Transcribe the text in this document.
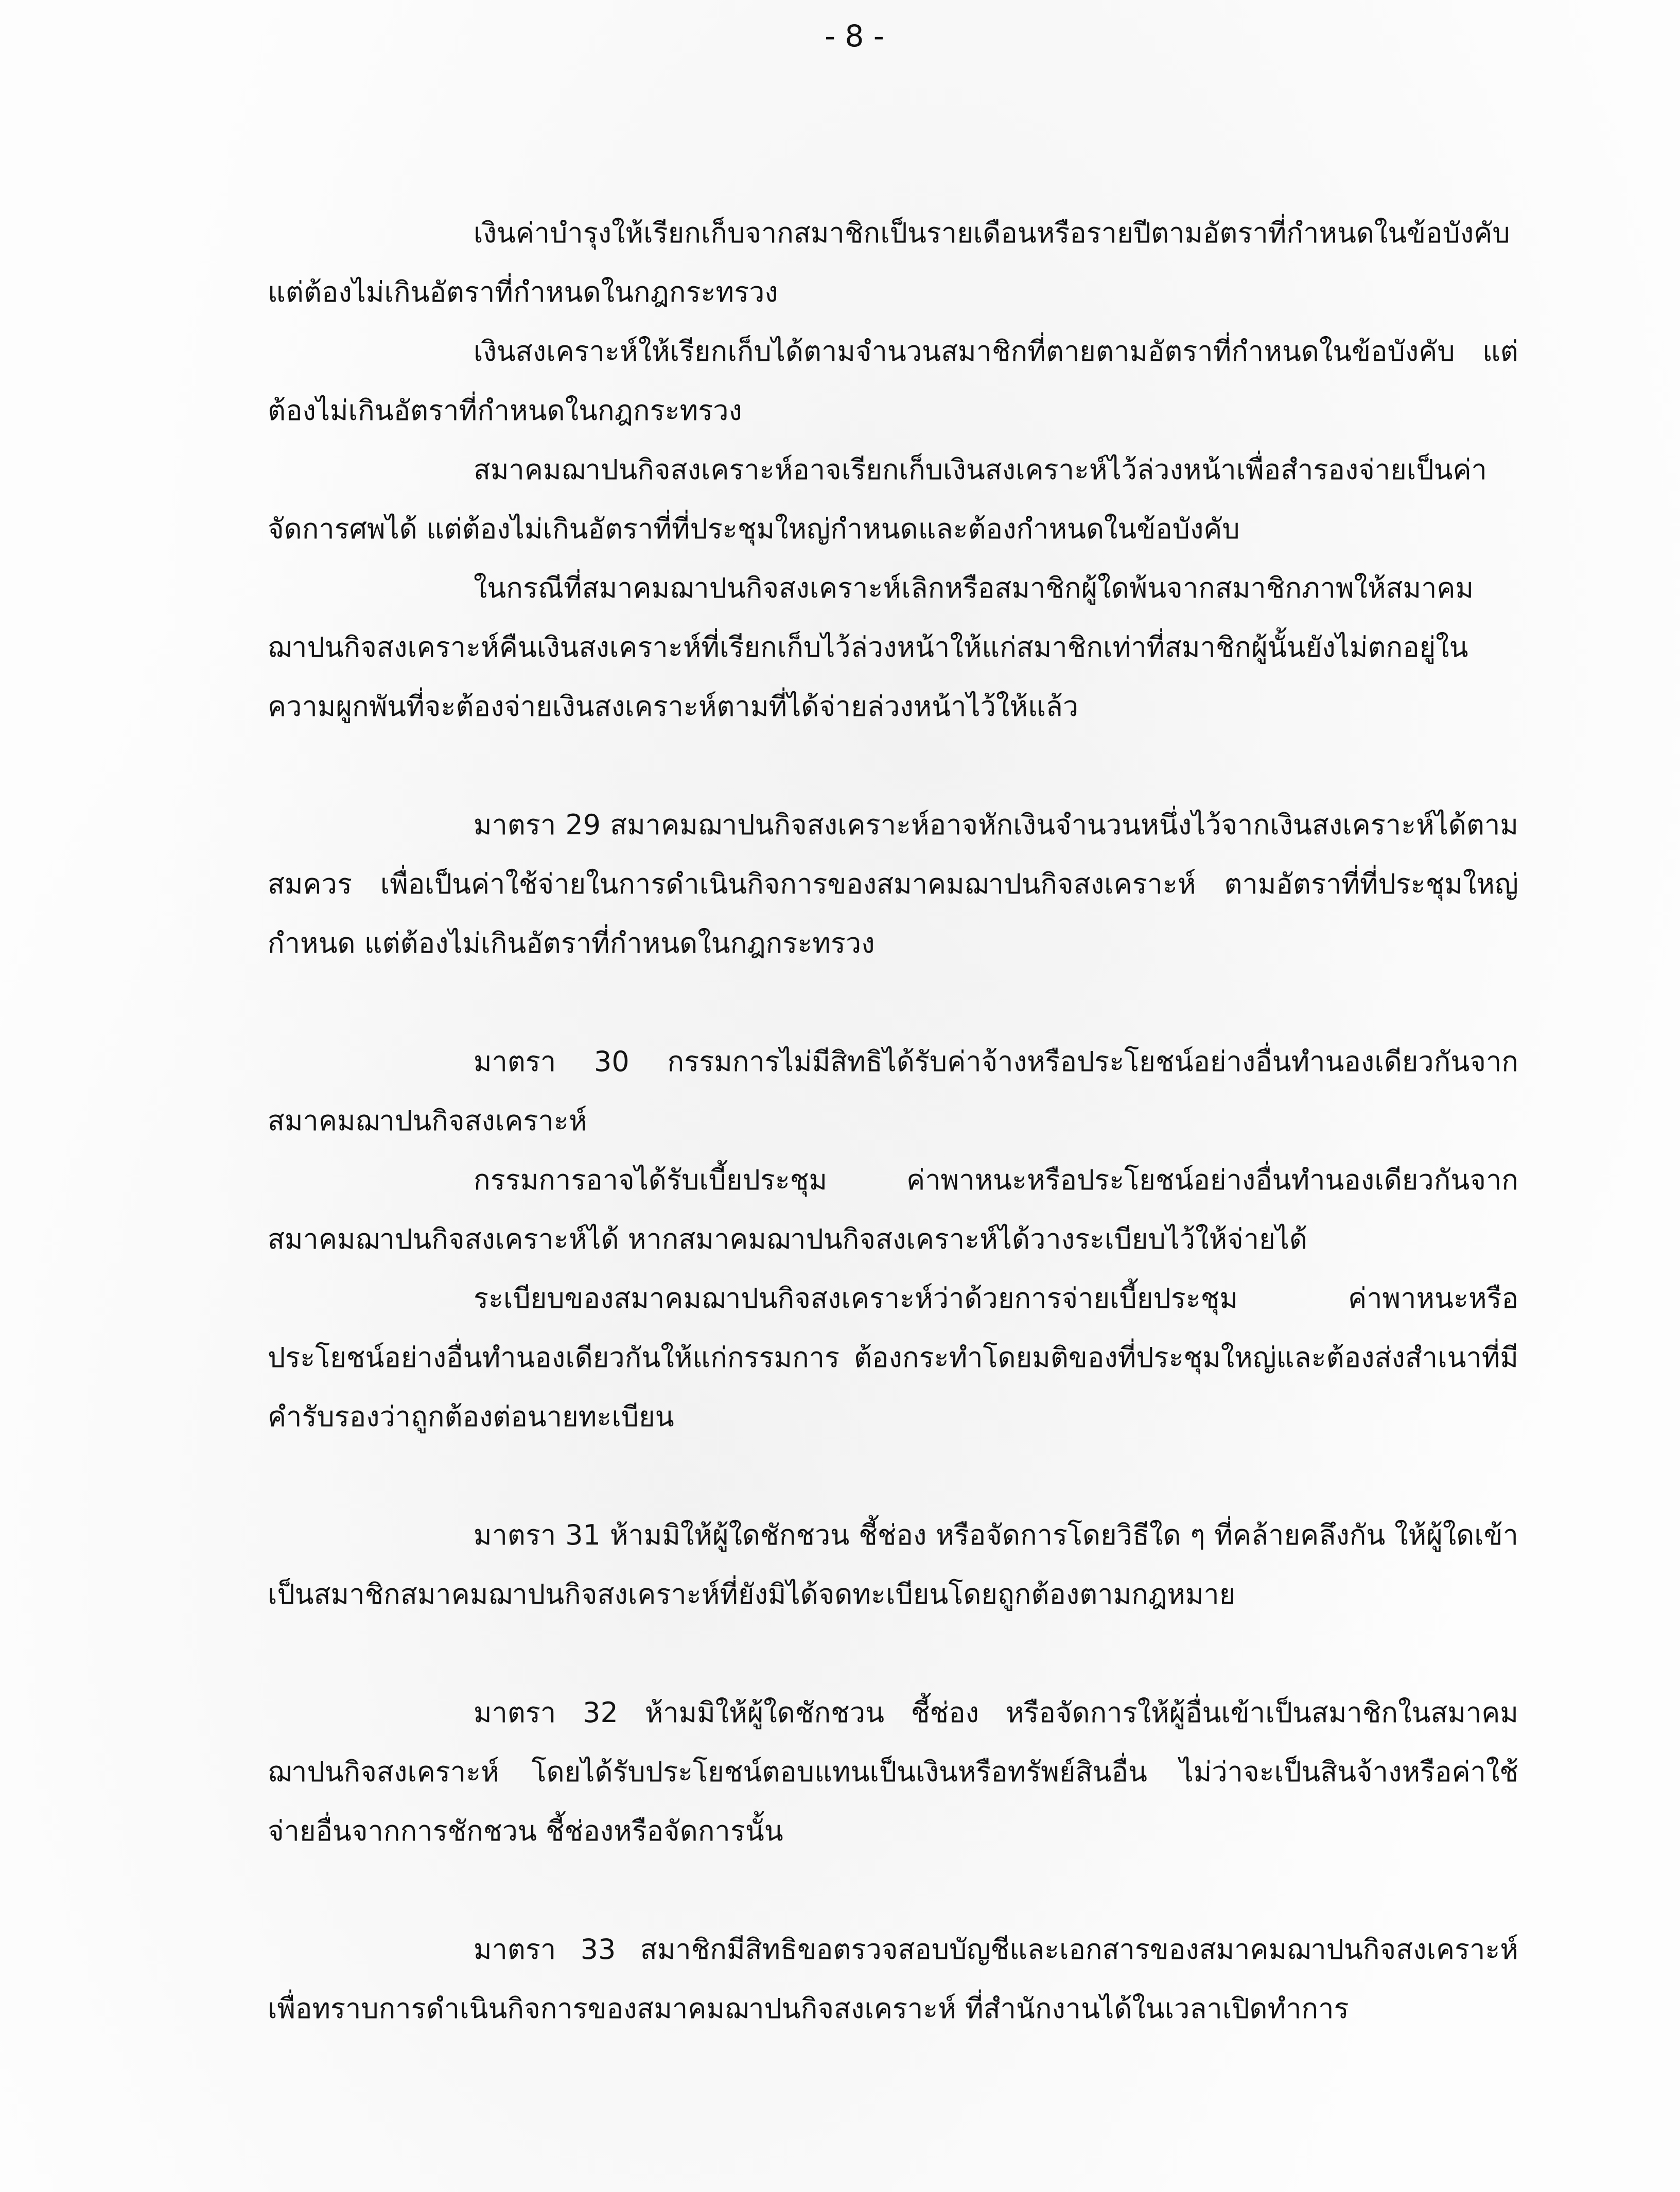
- 8 -

เงินค่าบำรุงให้เรียกเก็บจากสมาชิกเป็นรายเดือนหรือรายปีตามอัตราที่กำหนดในข้อบังคับ แต่ต้องไม่เกินอัตราที่กำหนดในกฎกระทรวง

เงินสงเคราะห์ให้เรียกเก็บได้ตามจำนวนสมาชิกที่ตายตามอัตราที่กำหนดในข้อบังคับ แต่ต้องไม่เกินอัตราที่กำหนดในกฎกระทรวง

สมาคมฌาปนกิจสงเคราะห์อาจเรียกเก็บเงินสงเคราะห์ไว้ล่วงหน้าเพื่อสำรองจ่ายเป็นค่าจัดการศพได้ แต่ต้องไม่เกินอัตราที่ที่ประชุมใหญ่กำหนดและต้องกำหนดในข้อบังคับ

ในกรณีที่สมาคมฌาปนกิจสงเคราะห์เลิกหรือสมาชิกผู้ใดพ้นจากสมาชิกภาพให้สมาคมฌาปนกิจสงเคราะห์คืนเงินสงเคราะห์ที่เรียกเก็บไว้ล่วงหน้าให้แก่สมาชิกเท่าที่สมาชิกผู้นั้นยังไม่ตกอยู่ในความผูกพันที่จะต้องจ่ายเงินสงเคราะห์ตามที่ได้จ่ายล่วงหน้าไว้ให้แล้ว

มาตรา 29 สมาคมฌาปนกิจสงเคราะห์อาจหักเงินจำนวนหนึ่งไว้จากเงินสงเคราะห์ได้ตามสมควร เพื่อเป็นค่าใช้จ่ายในการดำเนินกิจการของสมาคมฌาปนกิจสงเคราะห์ ตามอัตราที่ที่ประชุมใหญ่กำหนด แต่ต้องไม่เกินอัตราที่กำหนดในกฎกระทรวง

มาตรา 30 กรรมการไม่มีสิทธิได้รับค่าจ้างหรือประโยชน์อย่างอื่นทำนองเดียวกันจากสมาคมฌาปนกิจสงเคราะห์

กรรมการอาจได้รับเบี้ยประชุม ค่าพาหนะหรือประโยชน์อย่างอื่นทำนองเดียวกันจากสมาคมฌาปนกิจสงเคราะห์ได้ หากสมาคมฌาปนกิจสงเคราะห์ได้วางระเบียบไว้ให้จ่ายได้

ระเบียบของสมาคมฌาปนกิจสงเคราะห์ว่าด้วยการจ่ายเบี้ยประชุม ค่าพาหนะหรือประโยชน์อย่างอื่นทำนองเดียวกันให้แก่กรรมการ ต้องกระทำโดยมติของที่ประชุมใหญ่และต้องส่งสำเนาที่มีคำรับรองว่าถูกต้องต่อนายทะเบียน

มาตรา 31 ห้ามมิให้ผู้ใดชักชวน ชี้ช่อง หรือจัดการโดยวิธีใด ๆ ที่คล้ายคลึงกัน ให้ผู้ใดเข้าเป็นสมาชิกสมาคมฌาปนกิจสงเคราะห์ที่ยังมิได้จดทะเบียนโดยถูกต้องตามกฎหมาย

มาตรา 32 ห้ามมิให้ผู้ใดชักชวน ชี้ช่อง หรือจัดการให้ผู้อื่นเข้าเป็นสมาชิกในสมาคมฌาปนกิจสงเคราะห์ โดยได้รับประโยชน์ตอบแทนเป็นเงินหรือทรัพย์สินอื่น ไม่ว่าจะเป็นสินจ้างหรือค่าใช้จ่ายอื่นจากการชักชวน ชี้ช่องหรือจัดการนั้น

มาตรา 33 สมาชิกมีสิทธิขอตรวจสอบบัญชีและเอกสารของสมาคมฌาปนกิจสงเคราะห์เพื่อทราบการดำเนินกิจการของสมาคมฌาปนกิจสงเคราะห์ ที่สำนักงานได้ในเวลาเปิดทำการ
